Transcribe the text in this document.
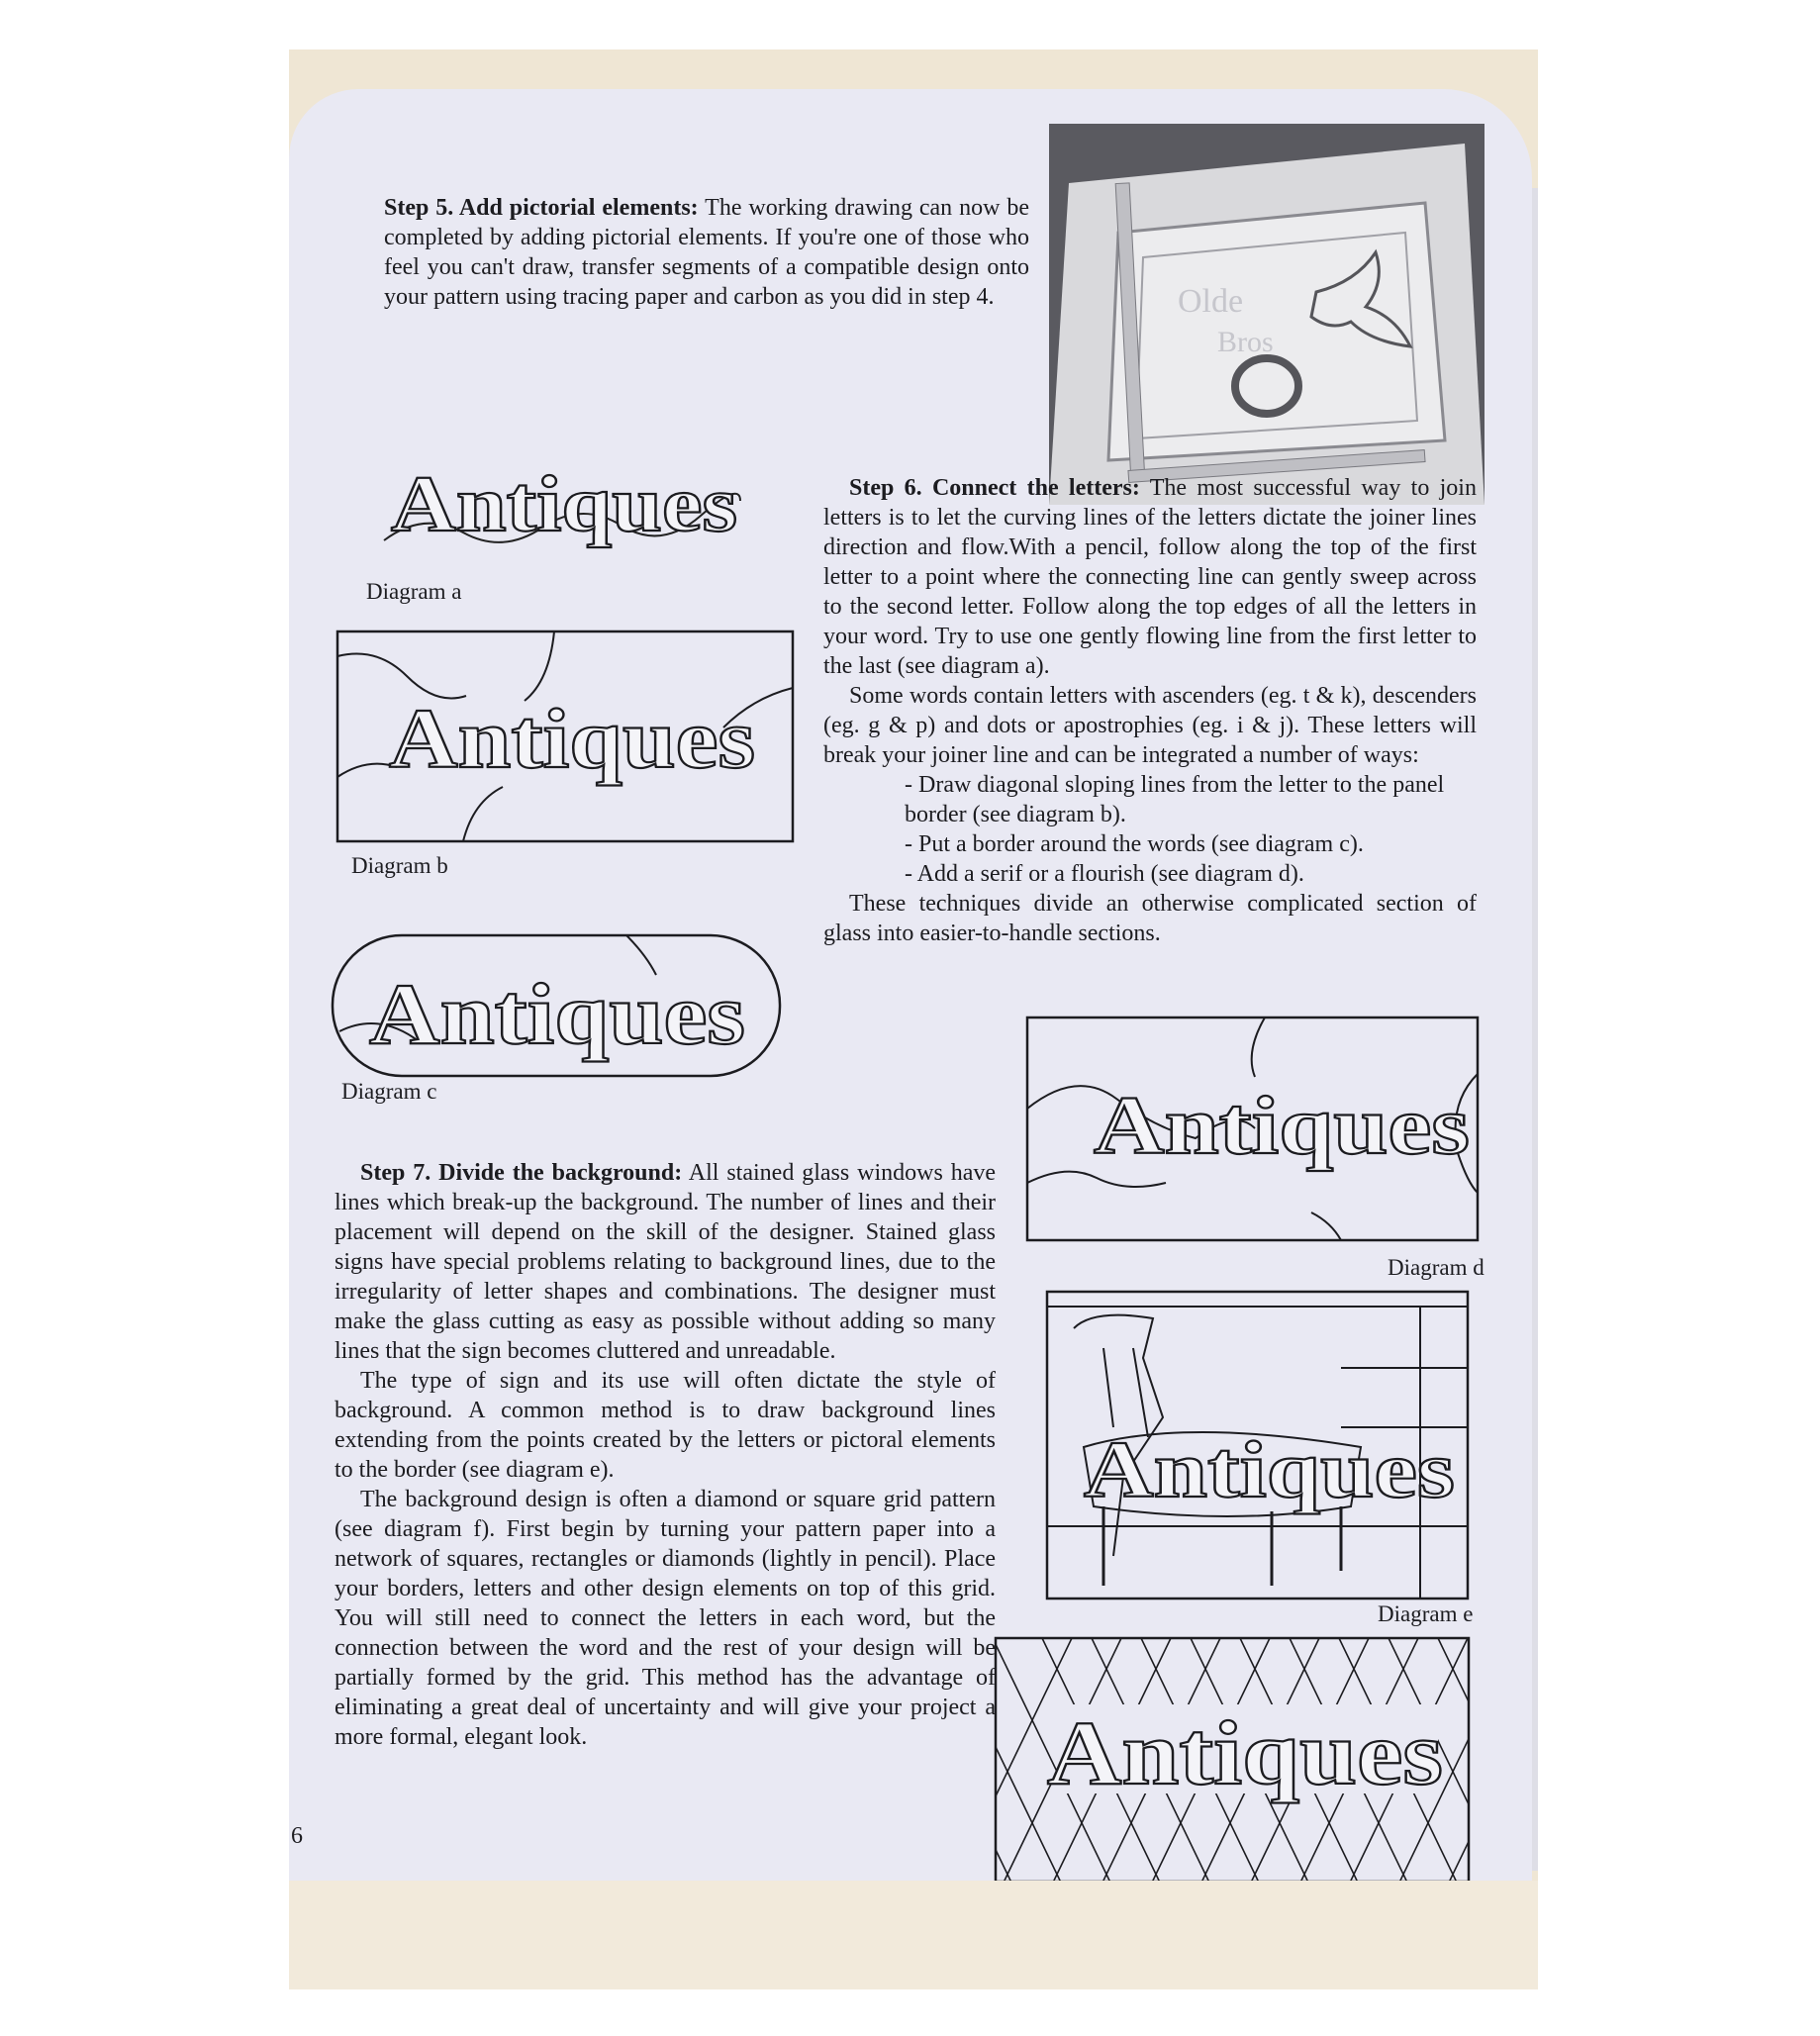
Olde
Bros

Step 5. Add pictorial elements: The working drawing can now be completed by adding pictorial elements. If you're one of those who feel you can't draw, transfer segments of a compatible design onto your pattern using tracing paper and carbon as you did in step 4.

Antiques
Diagram a
Antiques
Diagram b
Antiques
Diagram c

Step 6. Connect the letters: The most successful way to join letters is to let the curving lines of the letters dictate the joiner lines direction and flow.With a pencil, follow along the top of the first letter to a point where the connecting line can gently sweep across to the second letter. Follow along the top edges of all the letters in your word. Try to use one gently flowing line from the first letter to the last (see diagram a).

Some words contain letters with ascenders (eg. t & k), descenders (eg. g & p) and dots or apostrophies (eg. i & j). These letters will break your joiner line and can be integrated a number of ways:

- Draw diagonal sloping lines from the letter to the panel border (see diagram b).
- Put a border around the words (see diagram c).
- Add a serif or a flourish (see diagram d).

These techniques divide an otherwise complicated section of glass into easier-to-handle sections.

Antiques
Diagram d

Step 7. Divide the background: All stained glass windows have lines which break-up the background. The number of lines and their placement will depend on the skill of the designer. Stained glass signs have special problems relating to background lines, due to the irregularity of letter shapes and combinations. The designer must make the glass cutting as easy as possible without adding so many lines that the sign becomes cluttered and unreadable.

The type of sign and its use will often dictate the style of background. A common method is to draw background lines extending from the points created by the letters or pictoral elements to the border (see diagram e).

The background design is often a diamond or square grid pattern (see diagram f). First begin by turning your pattern paper into a network of squares, rectangles or diamonds (lightly in pencil). Place your borders, letters and other design elements on top of this grid. You will still need to connect the letters in each word, but the connection between the word and the rest of your design will be partially formed by the grid. This method has the advantage of eliminating a great deal of uncertainty and will give your project a more formal, elegant look.

Antiques
Diagram e
Antiques
6
